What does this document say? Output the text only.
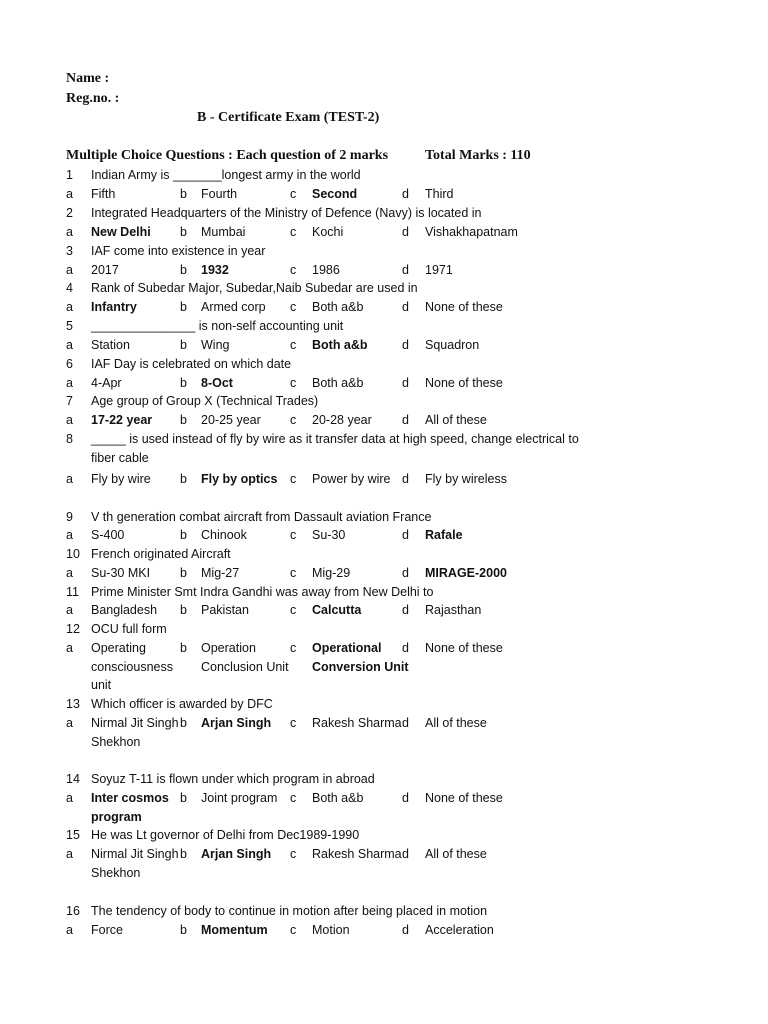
Name :
Reg.no. :
B - Certificate Exam (TEST-2)
Multiple Choice Questions : Each question of 2 marks	Total Marks : 110
1 Indian Army is _______longest army in the world
a Fifth	b Fourth	c Second	d Third
2 Integrated Headquarters of the Ministry of Defence (Navy) is located in
a New Delhi	b Mumbai	c Kochi	d Vishakhapatnam
3 IAF come into existence in year
a 2017	b 1932	c 1986	d 1971
4 Rank of Subedar Major, Subedar,Naib Subedar are used in
a Infantry	b Armed corp	c Both a&b	d None of these
5 _______________ is non-self accounting unit
a Station	b Wing	c Both a&b	d Squadron
6 IAF Day is celebrated on which date
a 4-Apr	b 8-Oct	c Both a&b	d None of these
7 Age group of Group X (Technical Trades)
a 17-22 year	b 20-25 year	c 20-28 year	d All of these
8 _____ is used instead of fly by wire as it transfer data at high speed, change electrical to fiber cable
a Fly by wire	b Fly by optics	c Power by wire d Fly by wireless
9 V th generation combat aircraft from Dassault aviation France
a S-400	b Chinook	c Su-30	d Rafale
10 French originated Aircraft
a Su-30 MKI	b Mig-27	c Mig-29	d MIRAGE-2000
11 Prime Minister Smt Indra Gandhi was away from New Delhi to
a Bangladesh	b Pakistan	c Calcutta	d Rajasthan
12 OCU full form
a Operating consciousness unit
b Operation Conclusion Unit
c Operational Conversion Unit
d None of these
13 Which officer is awarded by DFC
a Nirmal Jit Singh Shekhon
b Arjan Singh	c Rakesh Sharma d All of these
14 Soyuz T-11 is flown under which program in abroad
a Inter cosmos program
b Joint program	c Both a&b	d None of these
15 He was Lt governor of Delhi from Dec1989-1990
a Nirmal Jit Singh Shekhon
b Arjan Singh	c Rakesh Sharma d All of these
16 The tendency of body to continue in motion after being placed in motion
a Force	b Momentum	c Motion	d Acceleration
